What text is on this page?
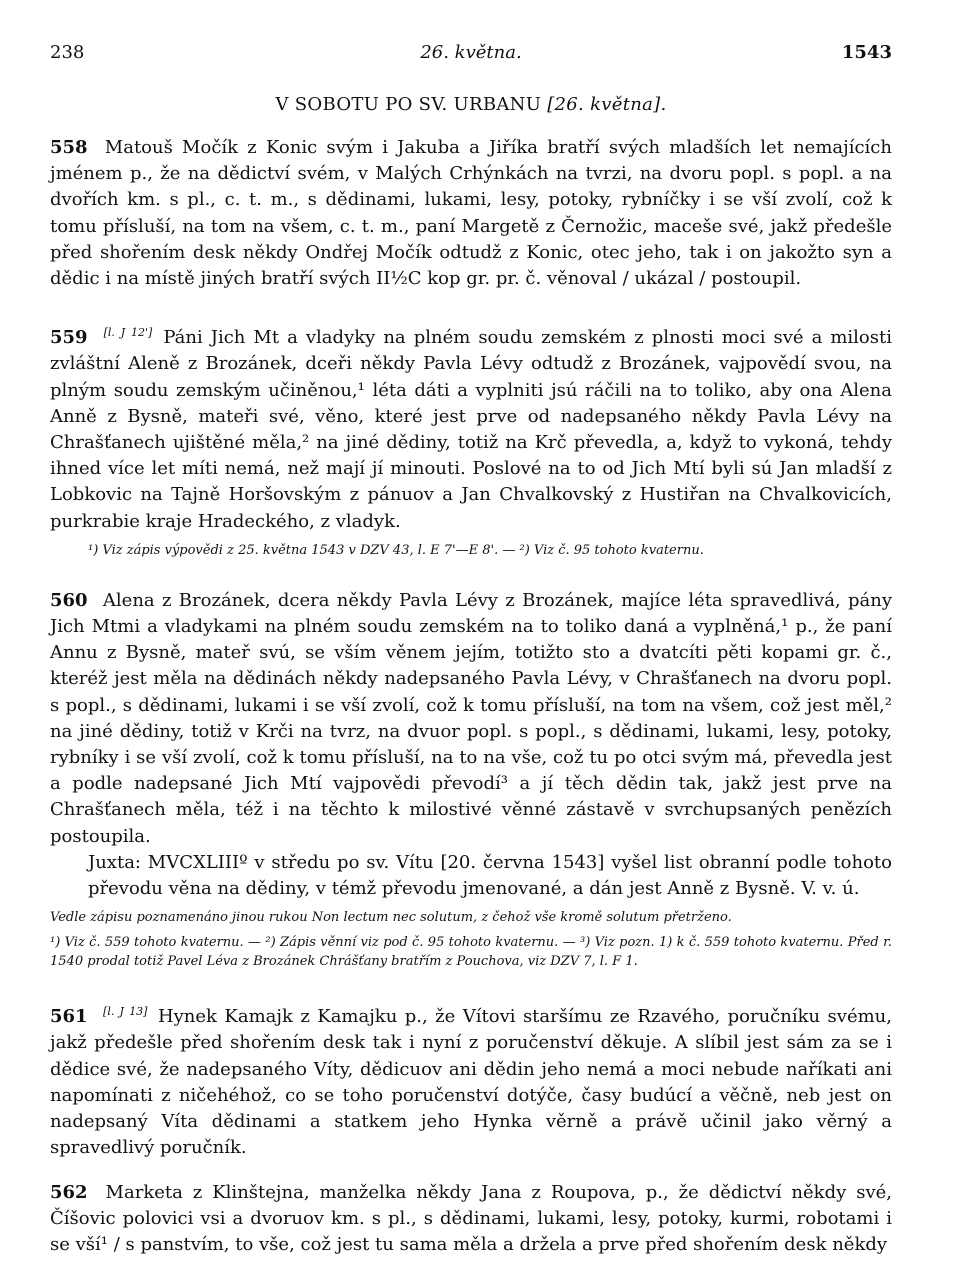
238	26. května.	1543
V SOBOTU PO SV. URBANU [26. května].

558 Matouš Močík z Konic svým i Jakuba a Jiříka bratří svých mladších let nemajících jménem p., že na dědictví svém, v Malých Crhýnkách na tvrzi, na dvoru popl. s popl. a na dvořích km. s pl., c. t. m., s dědinami, lukami, lesy, potoky, rybníčky i se vší zvolí, což k tomu přísluší, na tom na všem, c. t. m., paní Margetě z Černožic, maceše své, jakž předešle před shořením desk někdy Ondřej Močík odtudž z Konic, otec jeho, tak i on jakožto syn a dědic i na místě jiných bratří svých II½C kop gr. pr. č. věnoval / ukázal / postoupil.

559 [l. J 12'] Páni Jich Mt a vladyky na plném soudu zemském z plnosti moci své a milosti zvláštní Aleně z Brozánek, dceři někdy Pavla Lévy odtudž z Brozánek, vajpovědí svou, na plným soudu zemským učiněnou,¹ léta dáti a vyplniti jsú ráčili na to toliko, aby ona Alena Anně z Bysně, mateři své, věno, které jest prve od nadepsaného někdy Pavla Lévy na Chrašťanech ujištěné měla,² na jiné dědiny, totiž na Krč převedla, a, když to vykoná, tehdy ihned více let míti nemá, než mají jí minouti. Poslové na to od Jich Mtí byli sú Jan mladší z Lobkovic na Tajně Horšovským z pánuov a Jan Chvalkovský z Hustiřan na Chvalkovicích, purkrabie kraje Hradeckého, z vladyk.

¹) Viz zápis výpovědi z 25. května 1543 v DZV 43, l. E 7'—E 8'. — ²) Viz č. 95 tohoto kvaternu.

560 Alena z Brozánek, dcera někdy Pavla Lévy z Brozánek, majíce léta spravedlivá, pány Jich Mtmi a vladykami na plném soudu zemském na to toliko daná a vyplněná,¹ p., že paní Annu z Bysně, mateř svú, se vším věnem jejím, totižto sto a dvatcíti pěti kopami gr. č., kteréž jest měla na dědinách někdy nadepsaného Pavla Lévy, v Chrašťanech na dvoru popl. s popl., s dědinami, lukami i se vší zvolí, což k tomu přísluší, na tom na všem, což jest měl,² na jiné dědiny, totiž v Krči na tvrz, na dvuor popl. s popl., s dědinami, lukami, lesy, potoky, rybníky i se vší zvolí, což k tomu přísluší, na to na vše, což tu po otci svým má, převedla jest a podle nadepsané Jich Mtí vajpovědi převodí³ a jí těch dědin tak, jakž jest prve na Chrašťanech měla, též i na těchto k milostivé věnné zástavě v svrchupsaných penězích postoupila.

Juxta: MVCXLIIIº v středu po sv. Vítu [20. června 1543] vyšel list obranní podle tohoto převodu věna na dědiny, v témž převodu jmenované, a dán jest Anně z Bysně. V. v. ú.

Vedle zápisu poznamenáno jinou rukou Non lectum nec solutum, z čehož vše kromě solutum přetrženo.

¹) Viz č. 559 tohoto kvaternu. — ²) Zápis věnní viz pod č. 95 tohoto kvaternu. — ³) Viz pozn. 1) k č. 559 tohoto kvaternu. Před r. 1540 prodal totiž Pavel Léva z Brozánek Chrášťany bratřím z Pouchova, viz DZV 7, l. F 1.

561 [l. J 13] Hynek Kamajk z Kamajku p., že Vítovi staršímu ze Rzavého, poručníku svému, jakž předešle před shořením desk tak i nyní z poručenství děkuje. A slíbil jest sám za se i dědice své, že nadepsaného Víty, dědicuov ani dědin jeho nemá a moci nebude naříkati ani napomínati z ničehéhož, co se toho poručenství dotýče, časy budúcí a věčně, neb jest on nadepsaný Víta dědinami a statkem jeho Hynka věrně a právě učinil jako věrný a spravedlivý poručník.

562 Marketa z Klinštejna, manželka někdy Jana z Roupova, p., že dědictví někdy své, Číšovic polovici vsi a dvoruov km. s pl., s dědinami, lukami, lesy, potoky, kurmi, robotami i se vší¹ / s panstvím, to vše, což jest tu sama měla a držela a prve před shořením desk někdy
